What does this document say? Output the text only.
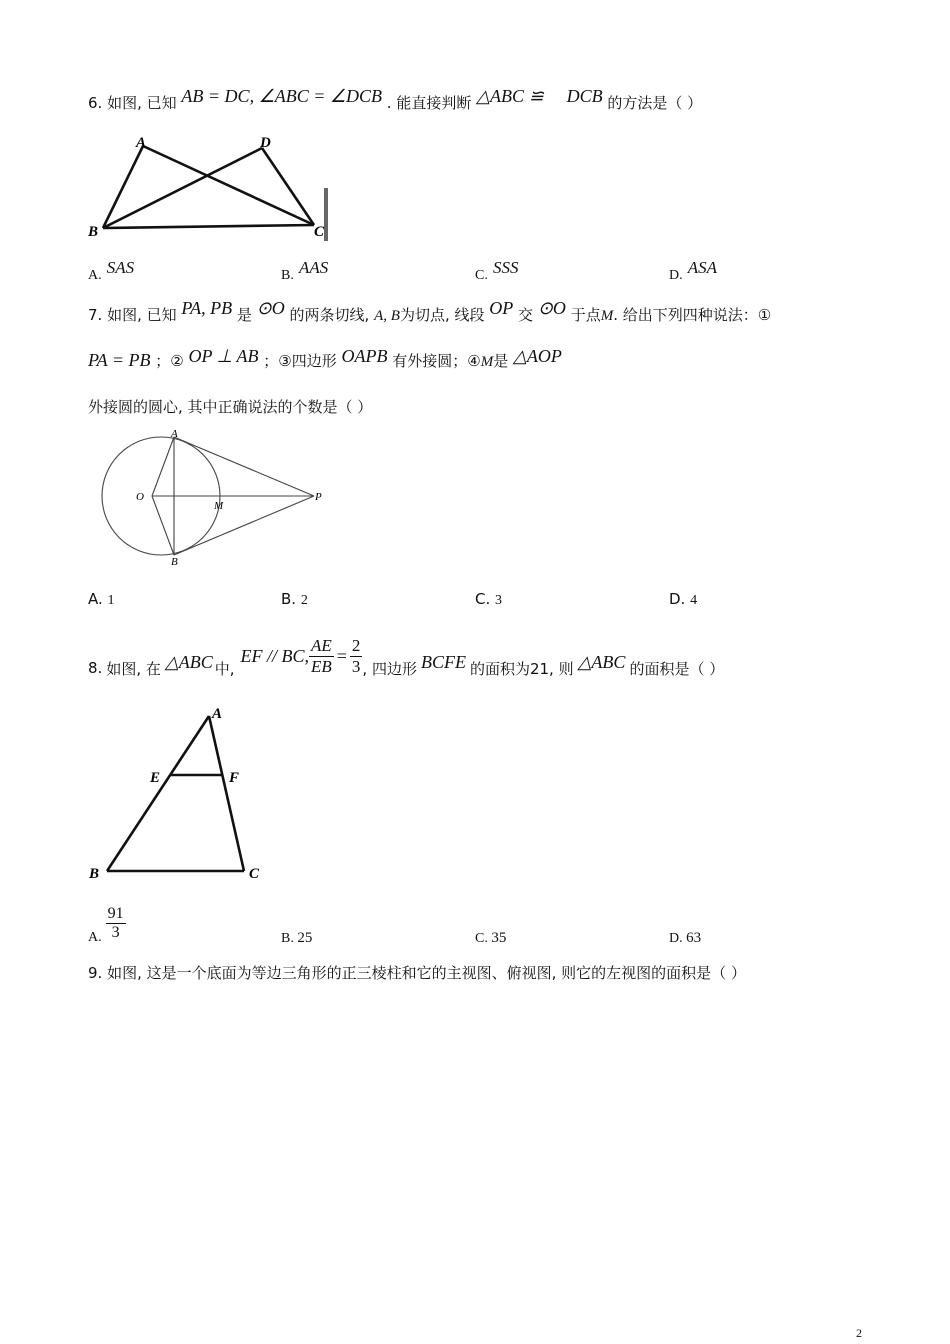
6. 如图, 已知 AB = DC, ∠ABC = ∠DCB . 能直接判断 △ABC ≌ DCB 的方法是（ ）
A	D
B	C
A. SAS	B. AAS	C. SSS	D. ASA
7. 如图, 已知 PA, PB 是 ⊙O 的两条切线, A, B为切点, 线段 OP 交 ⊙O 于点M. 给出下列四种说法：①
PA = PB ；② OP ⊥ AB ；③四边形 OAPB 有外接圆；④M是 △AOP
外接圆的圆心, 其中正确说法的个数是（ ）
A
O
M
P
B
A. 1	B. 2	C. 3	D. 4
8. 如图, 在 △ABC 中,
EF // BC, $\frac{AE}{EB} = \frac{2}{3}$ , 四边形 BCFE 的面积为21, 则 △ABC 的面积是（ ）
A
E	F
B	C
A. $\frac{91}{3}$	B. 25	C. 35	D. 63
9. 如图, 这是一个底面为等边三角形的正三棱柱和它的主视图、俯视图, 则它的左视图的面积是（ ）
2
